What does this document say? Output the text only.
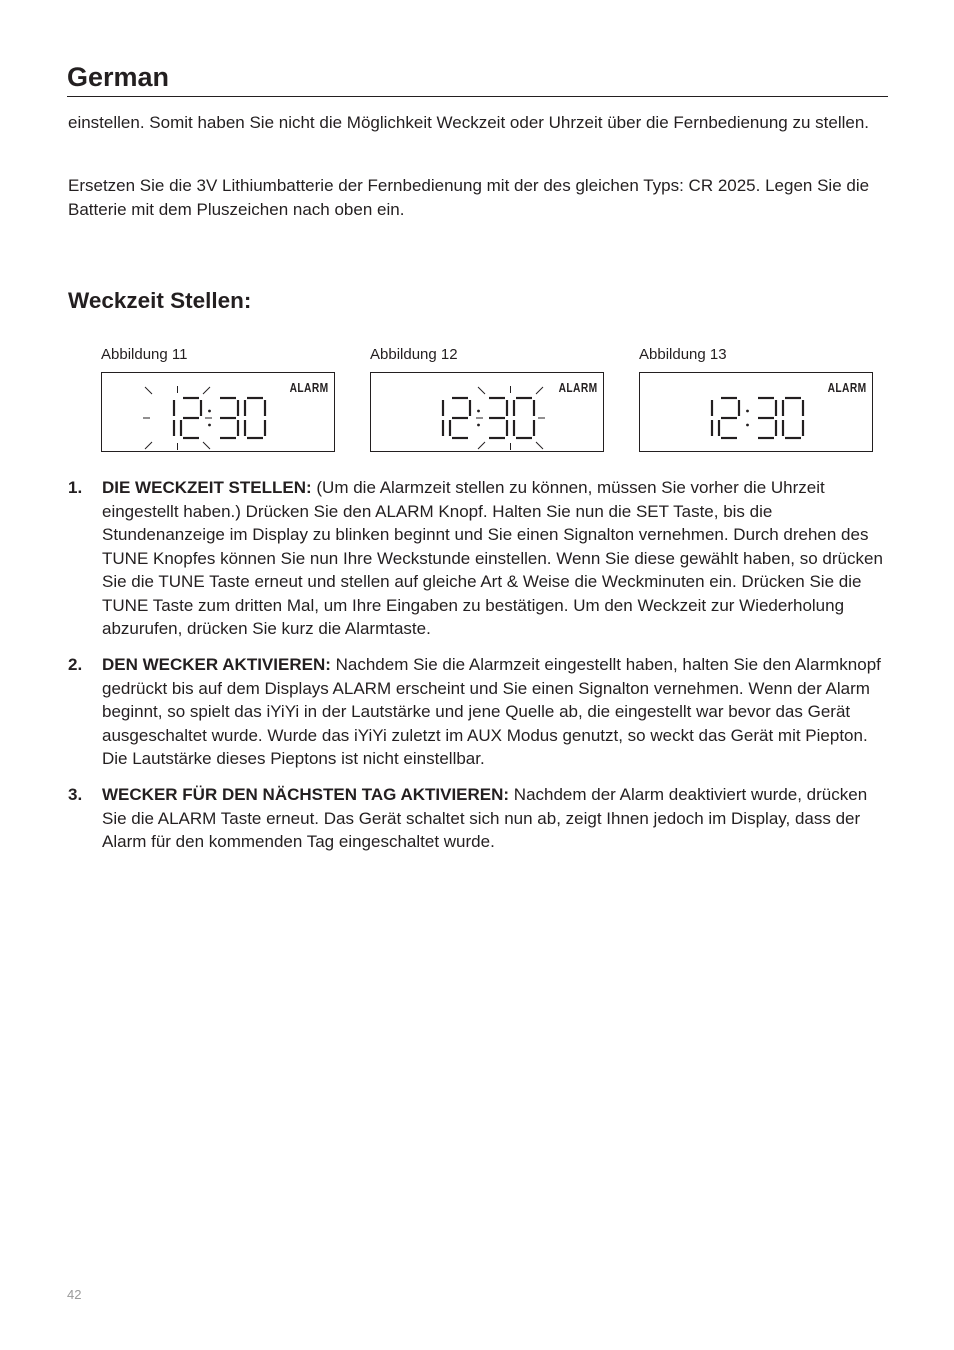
German

einstellen. Somit haben Sie nicht die Möglichkeit Weckzeit oder Uhrzeit über die Fernbedienung zu stellen.

Ersetzen Sie die 3V Lithiumbatterie der Fernbedienung mit der des gleichen Typs: CR 2025. Legen Sie die Batterie mit dem Pluszeichen nach oben ein.

Weckzeit Stellen:
Abbildung 11
ALARM
Abbildung 12
ALARM
Abbildung 13
ALARM
1. DIE WECKZEIT STELLEN: (Um die Alarmzeit stellen zu können, müssen Sie vorher die Uhrzeit eingestellt haben.) Drücken Sie den ALARM Knopf. Halten Sie nun die SET Taste, bis die Stundenanzeige im Display zu blinken beginnt und Sie einen Signalton vernehmen. Durch drehen des TUNE Knopfes können Sie nun Ihre Weckstunde einstellen. Wenn Sie diese gewählt haben, so drücken Sie die TUNE Taste erneut und stellen auf gleiche Art & Weise die Weckminuten ein. Drücken Sie die TUNE Taste zum dritten Mal, um Ihre Eingaben zu bestätigen. Um den Weckzeit zur Wiederholung abzurufen, drücken Sie kurz die Alarmtaste.
2. DEN WECKER AKTIVIEREN: Nachdem Sie die Alarmzeit eingestellt haben, halten Sie den Alarmknopf gedrückt bis auf dem Displays ALARM erscheint und Sie einen Signalton vernehmen. Wenn der Alarm beginnt, so spielt das iYiYi in der Lautstärke und jene Quelle ab, die eingestellt war bevor das Gerät ausgeschaltet wurde. Wurde das iYiYi zuletzt im AUX Modus genutzt, so weckt das Gerät mit Piepton. Die Lautstärke dieses Pieptons ist nicht einstellbar.
3. WECKER FÜR DEN NÄCHSTEN TAG AKTIVIEREN: Nachdem der Alarm deaktiviert wurde, drücken Sie die ALARM Taste erneut. Das Gerät schaltet sich nun ab, zeigt Ihnen jedoch im Display, dass der Alarm für den kommenden Tag eingeschaltet wurde.
42
